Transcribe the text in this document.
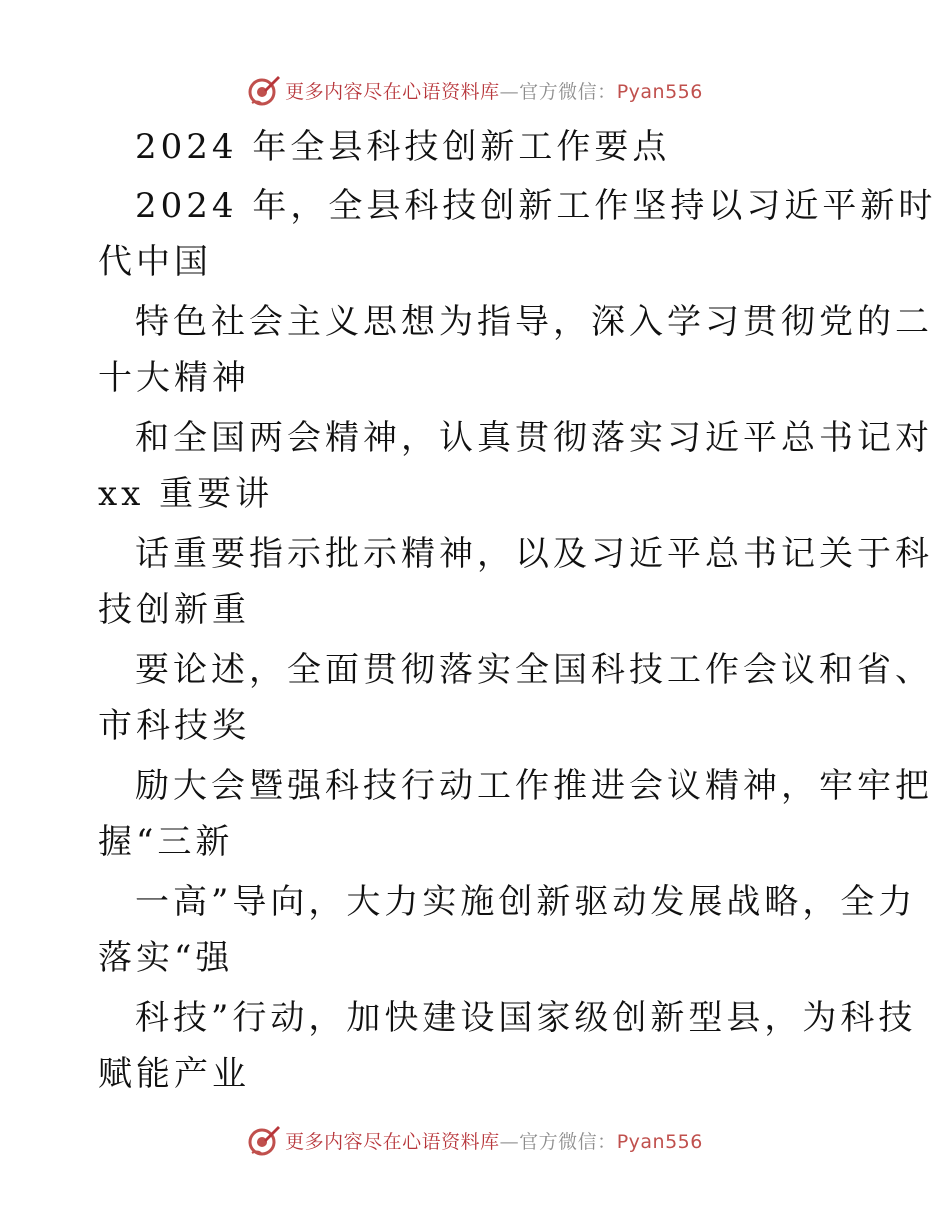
更多内容尽在心语资料库—官方微信：Pyan556
2024 年全县科技创新工作要点
2024 年，全县科技创新工作坚持以习近平新时
代中国
特色社会主义思想为指导，深入学习贯彻党的二
十大精神
和全国两会精神，认真贯彻落实习近平总书记对
xx 重要讲
话重要指示批示精神，以及习近平总书记关于科
技创新重
要论述，全面贯彻落实全国科技工作会议和省、
市科技奖
励大会暨强科技行动工作推进会议精神，牢牢把
握“三新
一高”导向，大力实施创新驱动发展战略，全力
落实“强
科技”行动，加快建设国家级创新型县，为科技
赋能产业
更多内容尽在心语资料库—官方微信：Pyan556
